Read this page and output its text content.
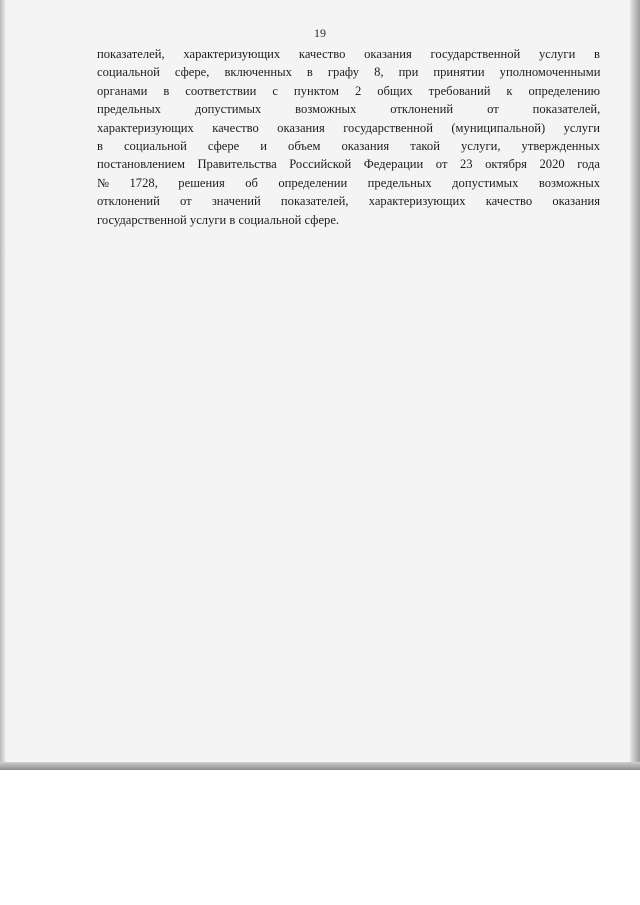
19
показателей, характеризующих качество оказания государственной услуги в
социальной сфере, включенных в графу 8, при принятии уполномоченными
органами в соответствии с пунктом 2 общих требований к определению
предельных допустимых возможных отклонений от показателей,
характеризующих качество оказания государственной (муниципальной) услуги
в социальной сфере и объем оказания такой услуги, утвержденных
постановлением Правительства Российской Федерации от 23 октября 2020 года
№ 1728, решения об определении предельных допустимых возможных
отклонений от значений показателей, характеризующих качество оказания
государственной услуги в социальной сфере.
